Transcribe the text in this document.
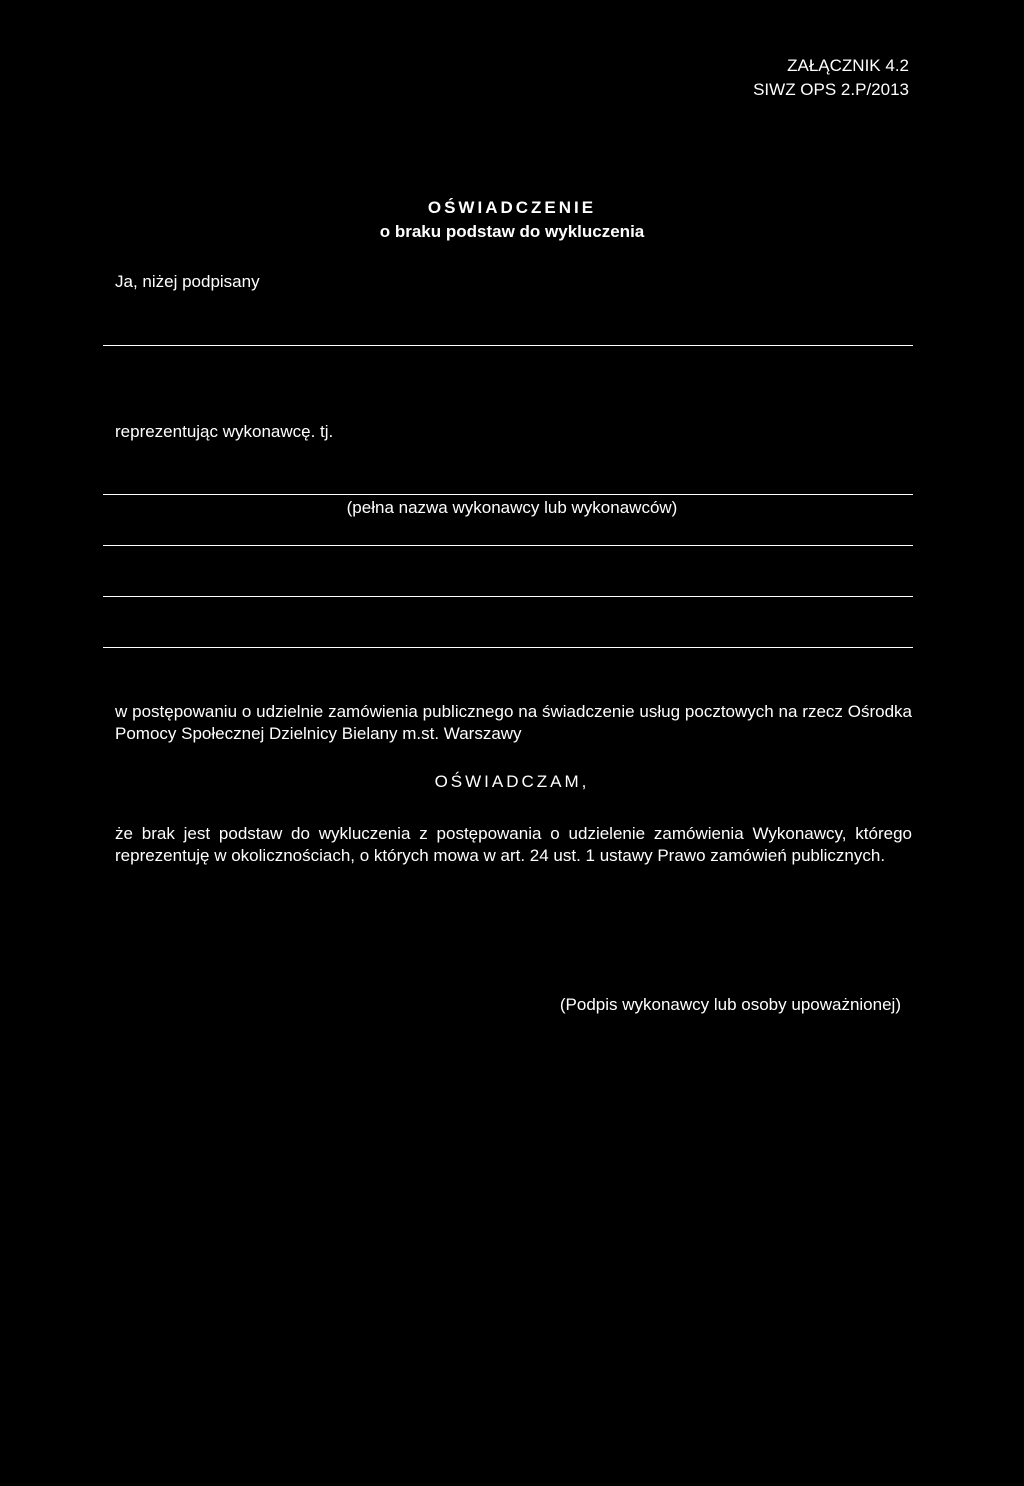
ZAŁĄCZNIK 4.2
SIWZ OPS 2.P/2013
OŚWIADCZENIE
o braku podstaw do wykluczenia
Ja, niżej podpisany
reprezentując wykonawcę. tj.
(pełna nazwa wykonawcy lub wykonawców)
w postępowaniu o udzielnie zamówienia publicznego na świadczenie usług pocztowych na rzecz Ośrodka Pomocy Społecznej Dzielnicy Bielany m.st. Warszawy
OŚWIADCZAM,
że brak jest podstaw do wykluczenia z postępowania o udzielenie zamówienia Wykonawcy, którego reprezentuję w okolicznościach, o których mowa w art. 24 ust. 1 ustawy Prawo zamówień publicznych.
(Podpis wykonawcy lub osoby upoważnionej)
